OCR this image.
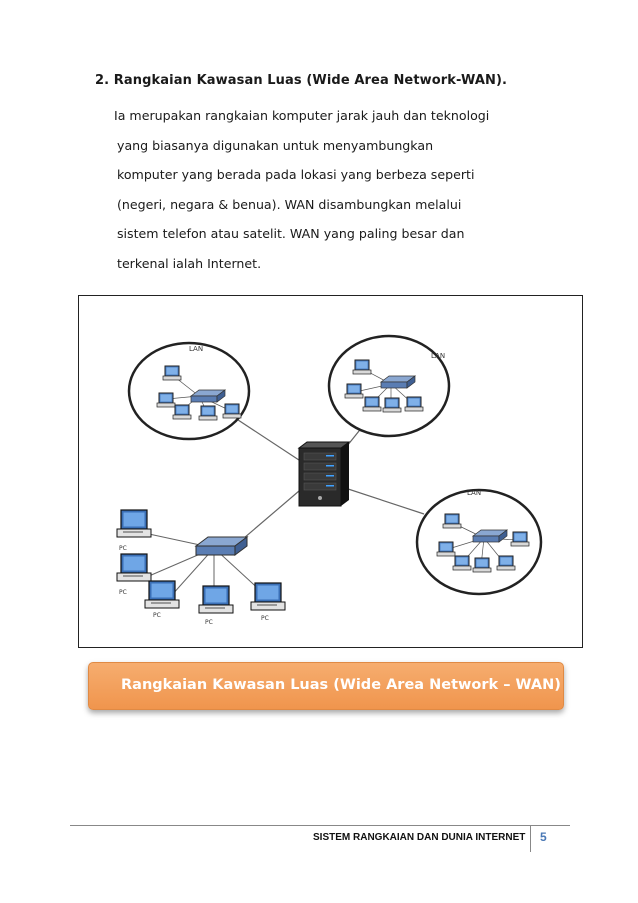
2. Rangkaian Kawasan Luas (Wide Area Network-WAN).
Ia merupakan rangkaian komputer jarak jauh dan teknologi
yang biasanya digunakan untuk menyambungkan
komputer yang berada pada lokasi yang berbeza seperti
(negeri, negara & benua). WAN disambungkan melalui
sistem telefon atau satelit. WAN yang paling besar dan
terkenal ialah Internet.
LAN
LAN
LAN
PC
PC
PC
PC
PC
Rangkaian Kawasan Luas (Wide Area Network – WAN)
SISTEM RANGKAIAN DAN DUNIA INTERNET 5
